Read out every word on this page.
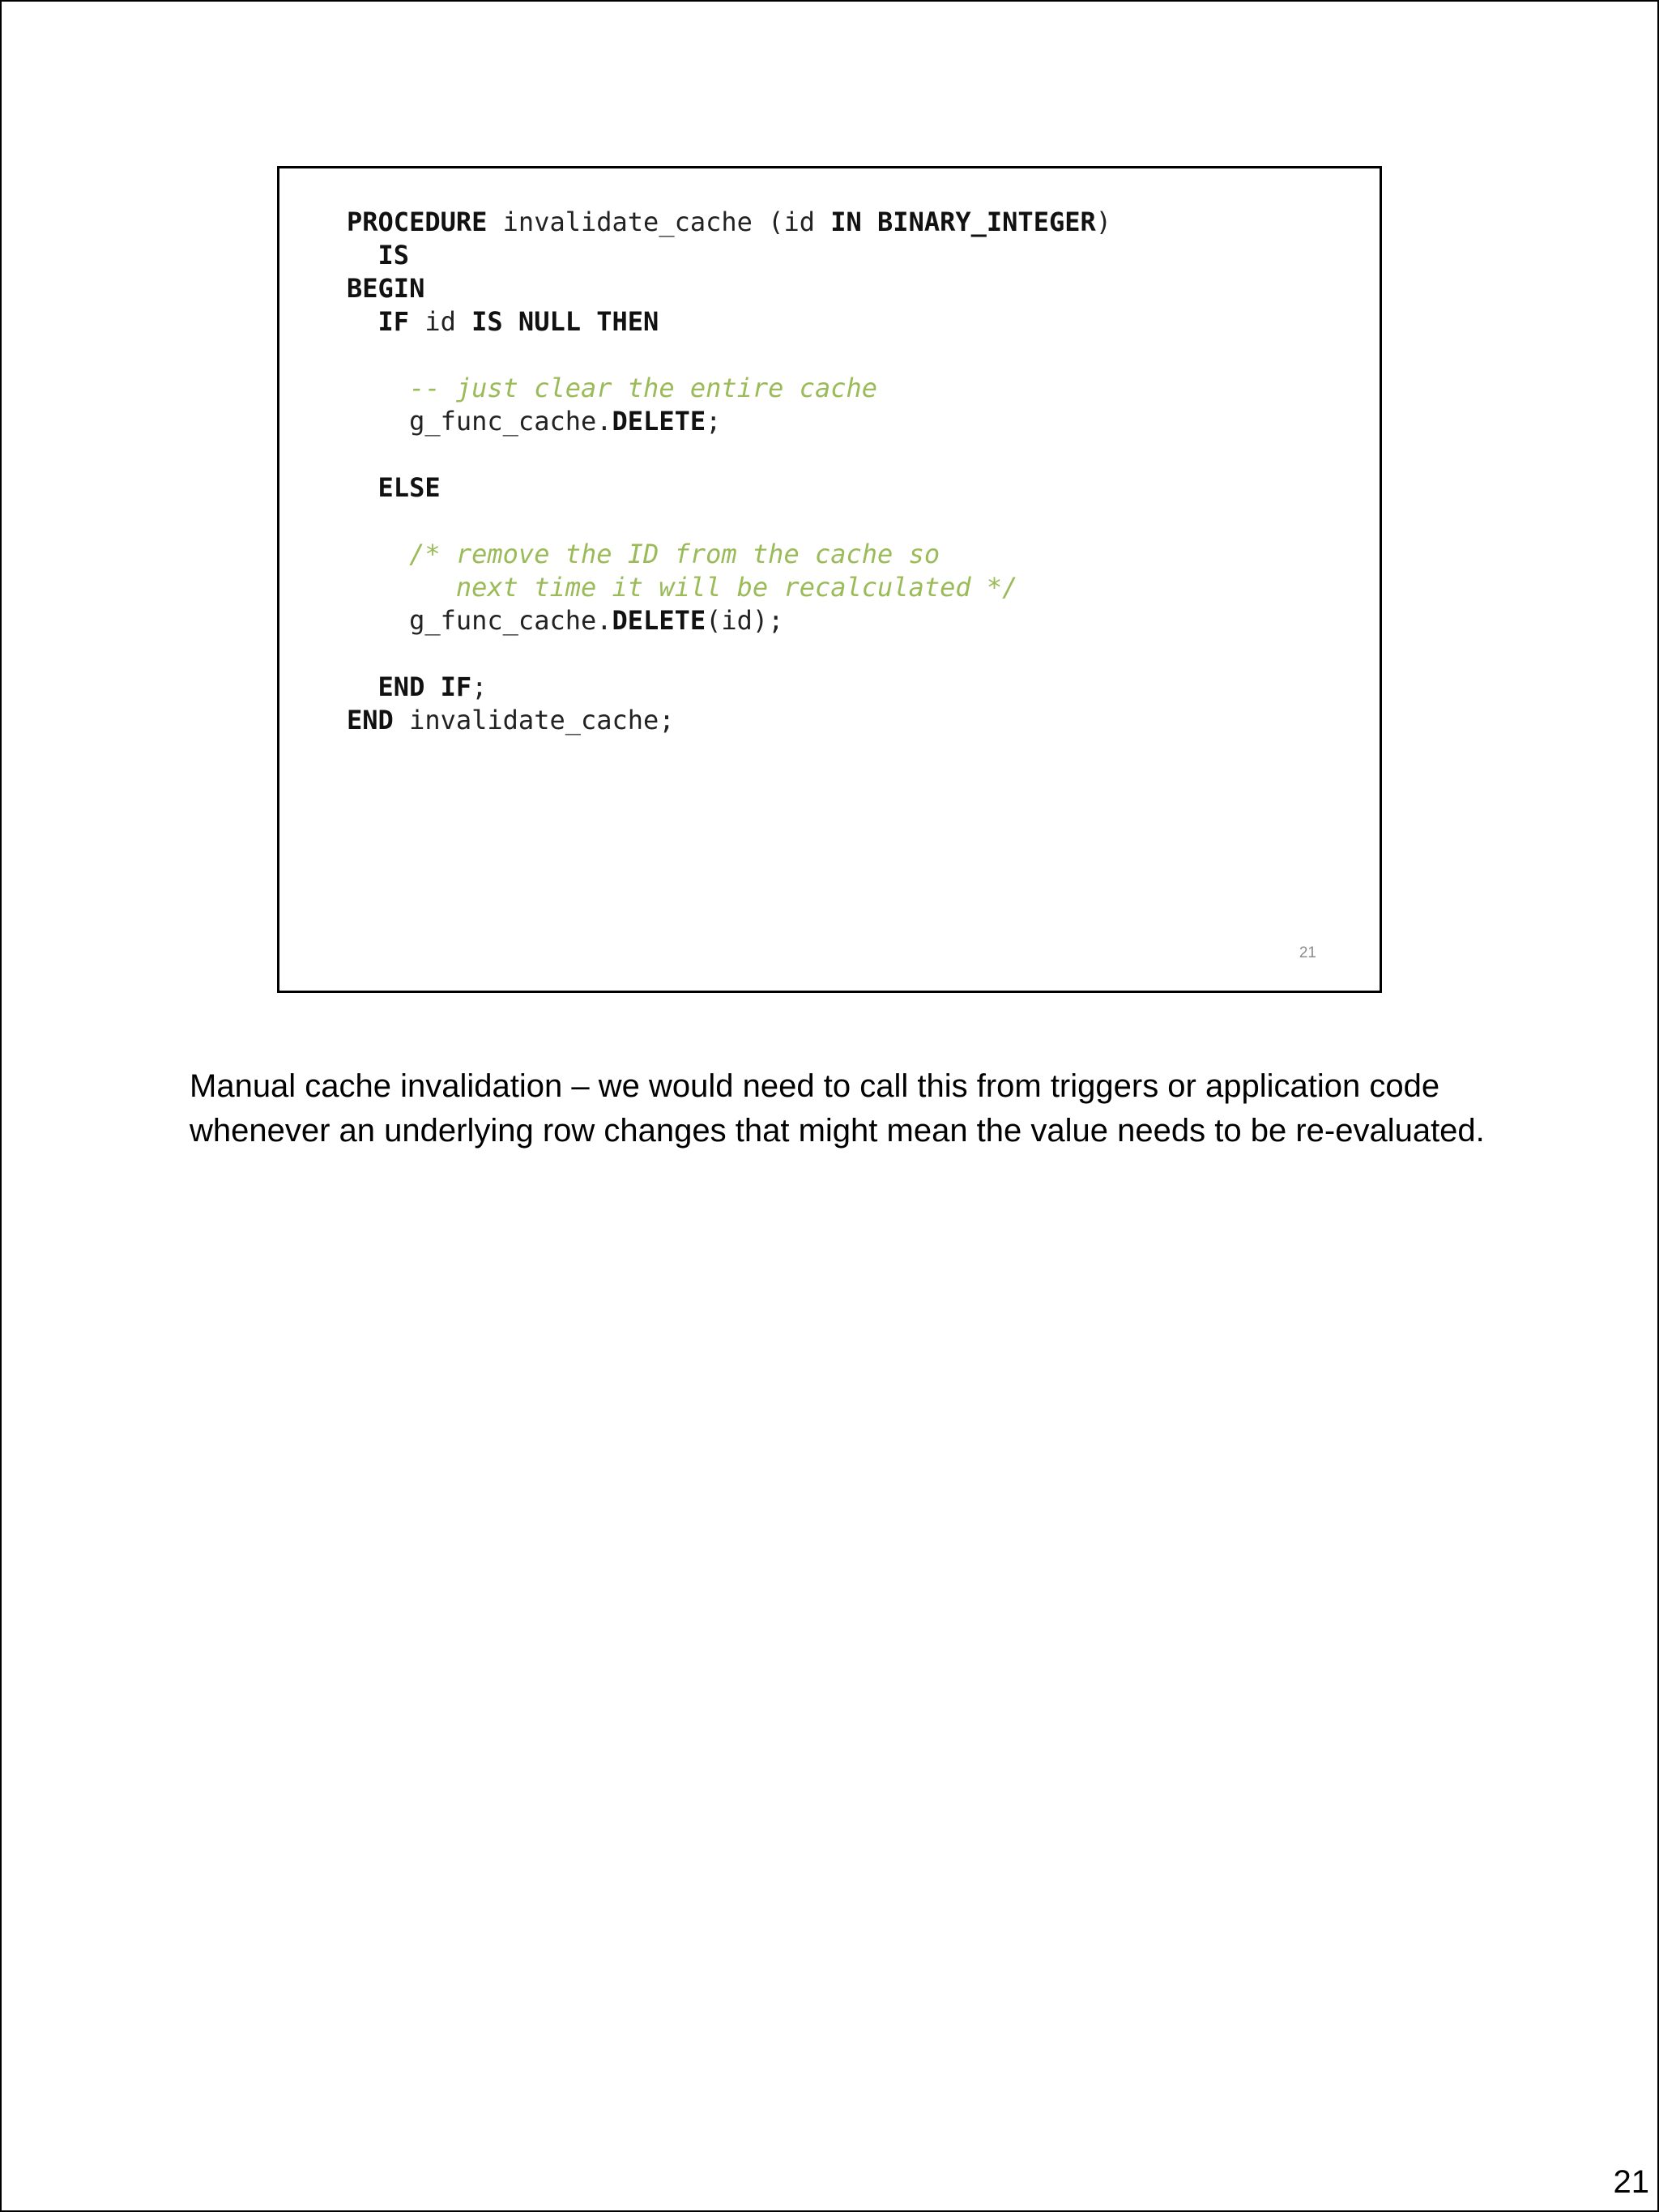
PROCEDURE invalidate_cache (id IN BINARY_INTEGER)
IS
BEGIN
IF id IS NULL THEN
-- just clear the entire cache
g_func_cache.DELETE;
ELSE
/* remove the ID from the cache so
next time it will be recalculated */
g_func_cache.DELETE(id);
END IF;
END invalidate_cache;
21
Manual cache invalidation – we would need to call this from triggers or application code whenever an underlying row changes that might mean the value needs to be re-evaluated.
21
